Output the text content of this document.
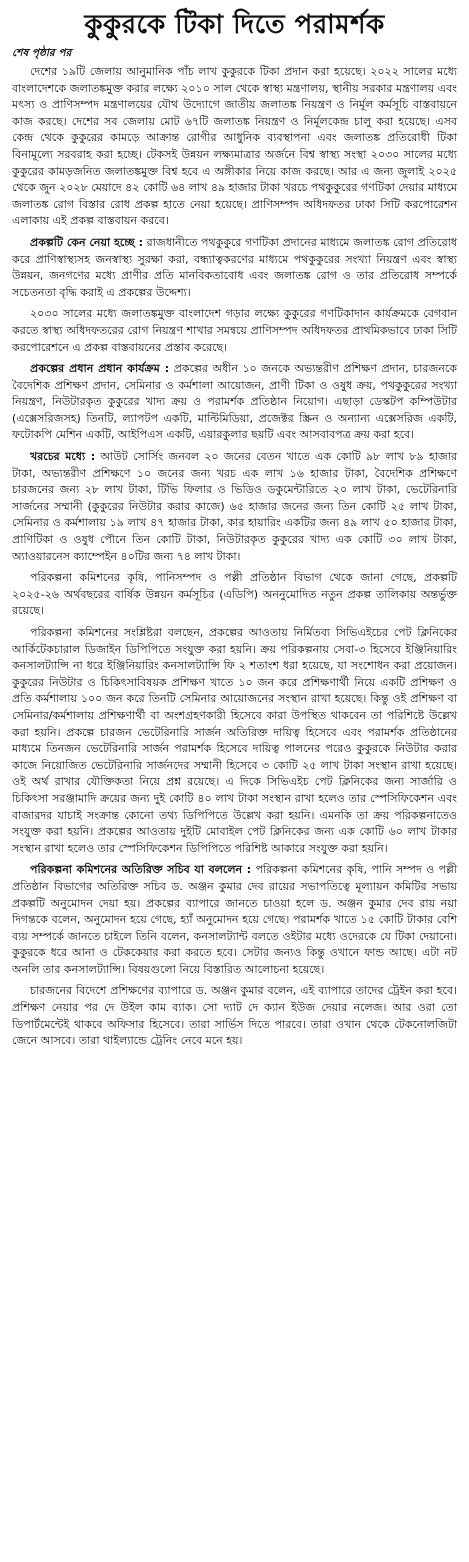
কুকুরকে টিকা দিতে পরামর্শক
শেষ পৃষ্ঠার পর

দেশের ১৯টি জেলায় আনুমানিক পাঁচ লাখ কুকুরকে টিকা প্রদান করা হয়েছে। ২০২২ সালের মধ্যে বাংলাদেশকে জলাতঙ্কমুক্ত করার লক্ষ্যে ২০১০ সাল থেকে স্বাস্থ্য মন্ত্রণালয়, স্থানীয় সরকার মন্ত্রণালয় এবং মৎস্য ও প্রাণিসম্পদ মন্ত্রণালয়ের যৌথ উদ্যোগে জাতীয় জলাতঙ্ক নিয়ন্ত্রণ ও নির্মূল কর্মসূচি বাস্তবায়নে কাজ করছে। দেশের সব জেলায় মোট ৬৭টি জলাতঙ্ক নিয়ন্ত্রণ ও নির্মূলকেন্দ্র চালু করা হয়েছে। এসব কেন্দ্র থেকে কুকুরের কামড়ে আক্রান্ত রোগীর আধুনিক ব্যবস্থাপনা এবং জলাতঙ্ক প্রতিরোধী টিকা বিনামূল্যে সরবরাহ করা হচ্ছে। টেকসই উন্নয়ন লক্ষ্যমাত্রার অর্জনে বিশ্ব স্বাস্থ্য সংস্থা ২০৩০ সালের মধ্যে কুকুরের কামড়জনিত জলাতঙ্কমুক্ত বিশ্ব হবে এ অঙ্গীকার নিয়ে কাজ করছে। আর এ জন্য জুলাই ২০২৫ থেকে জুন ২০২৮ মেয়াদে ৪২ কোটি ৬৪ লাখ ৪৯ হাজার টাকা খরচে পথকুকুরের গণটিকা দেয়ার মাধ্যমে জলাতঙ্ক রোগ বিস্তার রোধ প্রকল্প হাতে নেয়া হয়েছে। প্রাণিসম্পদ অধিদফতর ঢাকা সিটি করপোরেশন এলাকায় এই প্রকল্প বাস্তবায়ন করবে।

প্রকল্পটি কেন নেয়া হচ্ছে : রাজধানীতে পথকুকুরে গণটিকা প্রদানের মাধ্যমে জলাতঙ্ক রোগ প্রতিরোধ করে প্রাণিস্বাস্থ্যসহ জনস্বাস্থ্য সুরক্ষা করা, বন্ধ্যাত্বকরণের মাধ্যমে পথকুকুরের সংখ্যা নিয়ন্ত্রণ এবং স্বাস্থ্য উন্নয়ন, জনগণের মধ্যে প্রাণীর প্রতি মানবিকতাবোধ এবং জলাতঙ্ক রোগ ও তার প্রতিরোধ সম্পর্কে সচেতনতা বৃদ্ধি করাই এ প্রকল্পের উদ্দেশ্য।

২০৩০ সালের মধ্যে জলাতঙ্কমুক্ত বাংলাদেশ গড়ার লক্ষ্যে কুকুরের গণটিকাদান কার্যক্রমকে বেগবান করতে স্বাস্থ্য অধিদফতরের রোগ নিয়ন্ত্রণ শাখার সমন্বয়ে প্রাণিসম্পদ অধিদফতর প্রাথমিকভাবে ঢাকা সিটি করপোরেশনে এ প্রকল্প বাস্তবায়নের প্রস্তাব করেছে।

প্রকল্পের প্রধান প্রধান কার্যক্রম : প্রকল্পের অধীন ১০ জনকে অভ্যন্তরীণ প্রশিক্ষণ প্রদান, চারজনকে বৈদেশিক প্রশিক্ষণ প্রদান, সেমিনার ও কর্মশালা আয়োজন, প্রাণী টিকা ও ওষুধ ক্রয়, পথকুকুরের সংখ্যা নিয়ন্ত্রণ, নিউটারকৃত কুকুরের খাদ্য ক্রয় ও পরামর্শক প্রতিষ্ঠান নিয়োগ। এছাড়া ডেস্কটপ কম্পিউটার (এক্সেসরিজসহ) তিনটি, ল্যাপটপ একটি, মাল্টিমিডিয়া, প্রজেক্টর স্ক্রিন ও অন্যান্য এক্সেসরিজ একটি, ফটোকপি মেশিন একটি, আইপিএস একটি, এয়ারকুলার ছয়টি এবং আসবাবপত্র ক্রয় করা হবে।

খরচের মধ্যে : আউট সোর্সিং জনবল ২০ জনের বেতন খাতে এক কোটি ৯৮ লাখ ৮৯ হাজার টাকা, অভ্যন্তরীণ প্রশিক্ষণে ১০ জনের জন্য খরচ এক লাখ ১৬ হাজার টাকা, বৈদেশিক প্রশিক্ষণে চারজনের জন্য ২৮ লাখ টাকা, টিভি ফিলার ও ভিডিও ডকুমেন্টারিতে ২০ লাখ টাকা, ভেটেরিনারি সার্জনের সম্মানী (কুকুরের নিউটার করার কাজে) ৬৫ হাজার জনের জন্য তিন কোটি ২৫ লাখ টাকা, সেমিনার ও কর্মশালায় ১৯ লাখ ৪৭ হাজার টাকা, কার হায়ারিং একটির জন্য ৪৯ লাখ ৫০ হাজার টাকা, প্রাণিটিকা ও ওষুধ পৌনে তিন কোটি টাকা, নিউটারকৃত কুকুরের খাদ্য এক কোটি ৩০ লাখ টাকা, অ্যাওয়ারনেস ক্যাম্পেইন ৪০টির জন্য ৭৪ লাখ টাকা।

পরিকল্পনা কমিশনের কৃষি, পানিসম্পদ ও পল্লী প্রতিষ্ঠান বিভাগ থেকে জানা গেছে, প্রকল্পটি ২০২৫-২৬ অর্থবছরের বার্ষিক উন্নয়ন কর্মসূচির (এডিপি) অননুমোদিত নতুন প্রকল্প তালিকায় অন্তর্ভুক্ত রয়েছে।

পরিকল্পনা কমিশনের সংশ্লিষ্টরা বলছেন, প্রকল্পের আওতায় নির্মিতব্য সিভিএইচের পেট ক্লিনিকের আর্কিটেকচারাল ডিজাইন ডিপিপিতে সংযুক্ত করা হয়নি। ক্রয় পরিকল্পনায় সেবা-৩ হিসেবে ইঞ্জিনিয়ারিং কনসালট্যান্সি না ধরে ইঞ্জিনিয়ারিং কনসালট্যান্সি ফি ২ শতাংশ ধরা হয়েছে, যা সংশোধন করা প্রয়োজন। কুকুরের নিউটার ও চিকিৎসাবিষয়ক প্রশিক্ষণ খাতে ১০ জন করে প্রশিক্ষণার্থী নিয়ে একটি প্রশিক্ষণ ও প্রতি কর্মশালায় ১০০ জন করে তিনটি সেমিনার আয়োজনের সংস্থান রাখা হয়েছে। কিন্তু ওই প্রশিক্ষণ বা সেমিনার/কর্মশালায় প্রশিক্ষণার্থী বা অংশগ্রহণকারী হিসেবে কারা উপস্থিত থাকবেন তা পরিশিষ্টে উল্লেখ করা হয়নি। প্রকল্পে চারজন ভেটেরিনারি সার্জন অতিরিক্ত দায়িত্ব হিসেবে এবং পরামর্শক প্রতিষ্ঠানের মাধ্যমে তিনজন ভেটেরিনারি সার্জন পরামর্শক হিসেবে দায়িত্ব পালনের পরেও কুকুরকে নিউটার করার কাজে নিয়োজিত ভেটেরিনারি সার্জনদের সম্মানী হিসেবে ৩ কোটি ২৫ লাখ টাকা সংস্থান রাখা হয়েছে। ওই অর্থ রাখার যৌক্তিকতা নিয়ে প্রশ্ন রয়েছে। এ দিকে সিভিএইচ পেট ক্লিনিকের জন্য সার্জারি ও চিকিৎসা সরঞ্জামাদি ক্রয়ের জন্য দুই কোটি ৪০ লাখ টাকা সংস্থান রাখা হলেও তার স্পেসিফিকেশন এবং বাজারদর যাচাই সংক্রান্ত কোনো তথ্য ডিপিপিতে উল্লেখ করা হয়নি। এমনকি তা ক্রয় পরিকল্পনাতেও সংযুক্ত করা হয়নি। প্রকল্পের আওতায় দুইটি মোবাইল পেট ক্লিনিকের জন্য এক কোটি ৬০ লাখ টাকার সংস্থান রাখা হলেও তার স্পেসিফিকেশন ডিপিপিতে পরিশিষ্ট আকারে সংযুক্ত করা হয়নি।

পরিকল্পনা কমিশনের অতিরিক্ত সচিব যা বললেন : পরিকল্পনা কমিশনের কৃষি, পানি সম্পদ ও পল্লী প্রতিষ্ঠান বিভাগের অতিরিক্ত সচিব ড. অঞ্জন কুমার দেব রায়ের সভাপতিত্বে মূল্যায়ন কমিটির সভায় প্রকল্পটি অনুমোদন দেয়া হয়। প্রকল্পের ব্যাপারে জানতে চাওয়া হলে ড. অঞ্জন কুমার দেব রায় নয়া দিগন্তকে বলেন, অনুমোদন হয়ে গেছে, হ্যাঁ অনুমোদন হয়ে গেছে। পরামর্শক খাতে ১৫ কোটি টাকার বেশি ব্যয় সম্পর্কে জানতে চাইলে তিনি বলেন, কনসালট্যান্ট বলতে ওইটার মধ্যে ওদেরকে যে টিকা দেয়ানো। কুকুরকে ধরে আনা ও টেককেয়ার করা করতে হবে। সেটার জন্যও কিন্তু ওখানে ফান্ড আছে। এটা নট অনলি তার কনসালট্যান্সি। বিষয়গুলো নিয়ে বিস্তারিত আলোচনা হয়েছে।

চারজনের বিদেশে প্রশিক্ষণের ব্যাপারে ড. অঞ্জন কুমার বলেন, এই ব্যাপারে তাদের ট্রেইন করা হবে। প্রশিক্ষণ নেয়ার পর দে উইল কাম ব্যাক। সো দ্যাট দে ক্যান ইউজ দেয়ার নলেজ। আর ওরা তো ডিপার্টমেন্টেই থাকবে অফিসার হিসেবে। তারা সার্ভিস দিতে পারবে। তারা ওখান থেকে টেকনোলজিটা জেনে আসবে। তারা থাইল্যান্ডে ট্রেনিং নেবে মনে হয়।
